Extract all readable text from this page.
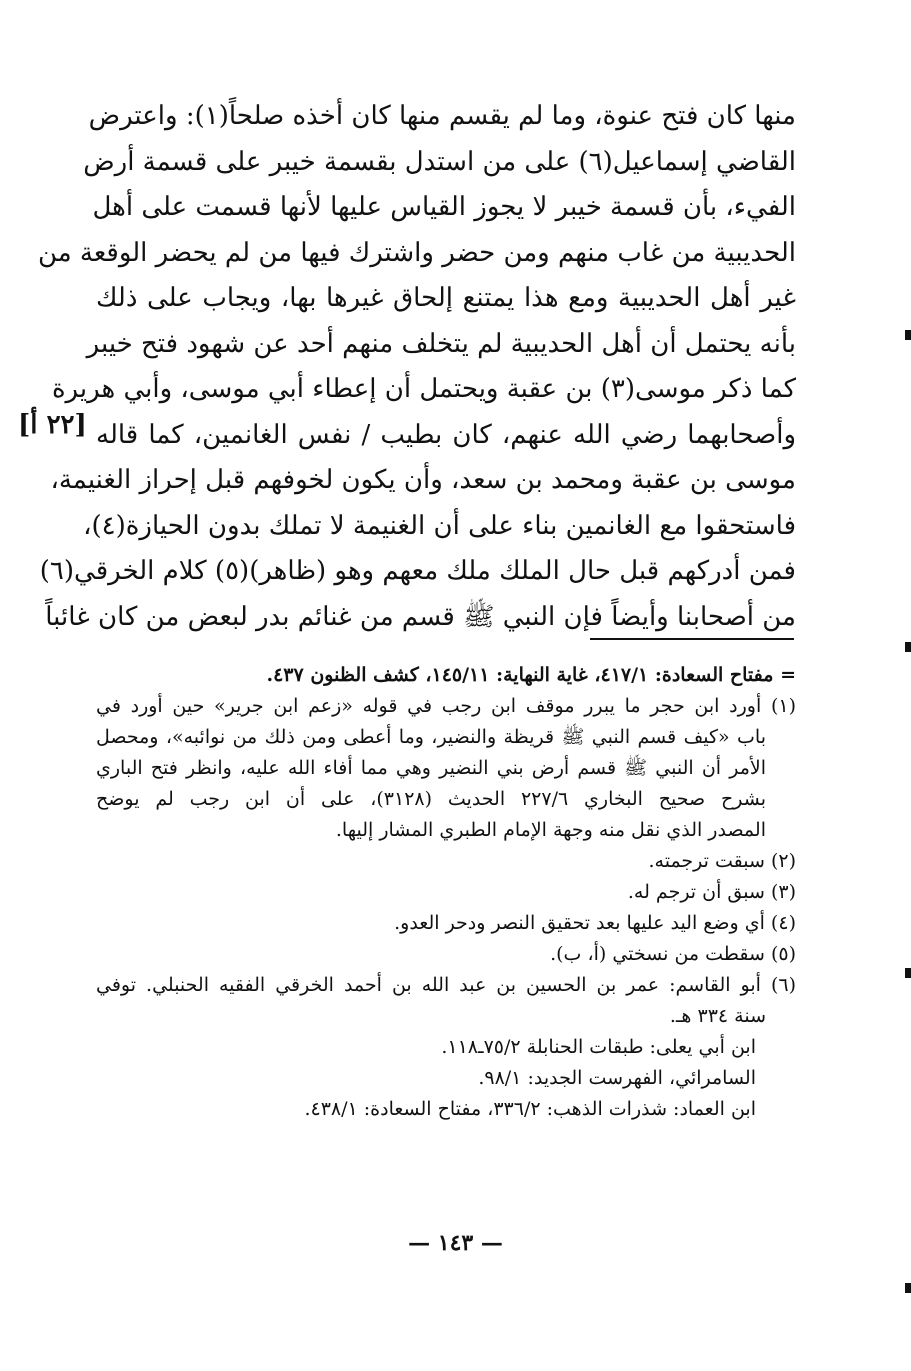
منها كان فتح عنوة، وما لم يقسم منها كان أخذه صلحاً(١): واعترض
القاضي إسماعيل(٦) على من استدل بقسمة خيبر على قسمة أرض
الفيء، بأن قسمة خيبر لا يجوز القياس عليها لأنها قسمت على أهل
الحديبية من غاب منهم ومن حضر واشترك فيها من لم يحضر الوقعة من
غير أهل الحديبية ومع هذا يمتنع إلحاق غيرها بها، ويجاب على ذلك
بأنه يحتمل أن أهل الحديبية لم يتخلف منهم أحد عن شهود فتح خيبر
كما ذكر موسى(٣) بن عقبة ويحتمل أن إعطاء أبي موسى، وأبي هريرة
وأصحابهما رضي الله عنهم، كان بطيب / نفس الغانمين، كما قاله
موسى بن عقبة ومحمد بن سعد، وأن يكون لخوفهم قبل إحراز الغنيمة،
فاستحقوا مع الغانمين بناء على أن الغنيمة لا تملك بدون الحيازة(٤)،
فمن أدركهم قبل حال الملك ملك معهم وهو (ظاهر)(٥) كلام الخرقي(٦)
من أصحابنا وأيضاً فإن النبي ﷺ قسم من غنائم بدر لبعض من كان غائباً
[٢٢ أ]
= مفتاح السعادة: ٤١٧/١، غاية النهاية: ١٤٥/١١، كشف الظنون ٤٣٧.
(١) أورد ابن حجر ما يبرر موقف ابن رجب في قوله «زعم ابن جرير» حين أورد في
باب «كيف قسم النبي ﷺ قريظة والنضير، وما أعطى ومن ذلك من نوائبه»، ومحصل
الأمر أن النبي ﷺ قسم أرض بني النضير وهي مما أفاء الله عليه، وانظر فتح الباري
بشرح صحيح البخاري ٢٢٧/٦ الحديث (٣١٢٨)، على أن ابن رجب لم يوضح
المصدر الذي نقل منه وجهة الإمام الطبري المشار إليها.
(٢) سبقت ترجمته.
(٣) سبق أن ترجم له.
(٤) أي وضع اليد عليها بعد تحقيق النصر ودحر العدو.
(٥) سقطت من نسختي (أ، ب).
(٦) أبو القاسم: عمر بن الحسين بن عبد الله بن أحمد الخرقي الفقيه الحنبلي. توفي
سنة ٣٣٤ هـ.
ابن أبي يعلى: طبقات الحنابلة ٧٥/٢ـ١١٨.
السامرائي، الفهرست الجديد: ٩٨/١.
ابن العماد: شذرات الذهب: ٣٣٦/٢، مفتاح السعادة: ٤٣٨/١.
— ١٤٣ —
